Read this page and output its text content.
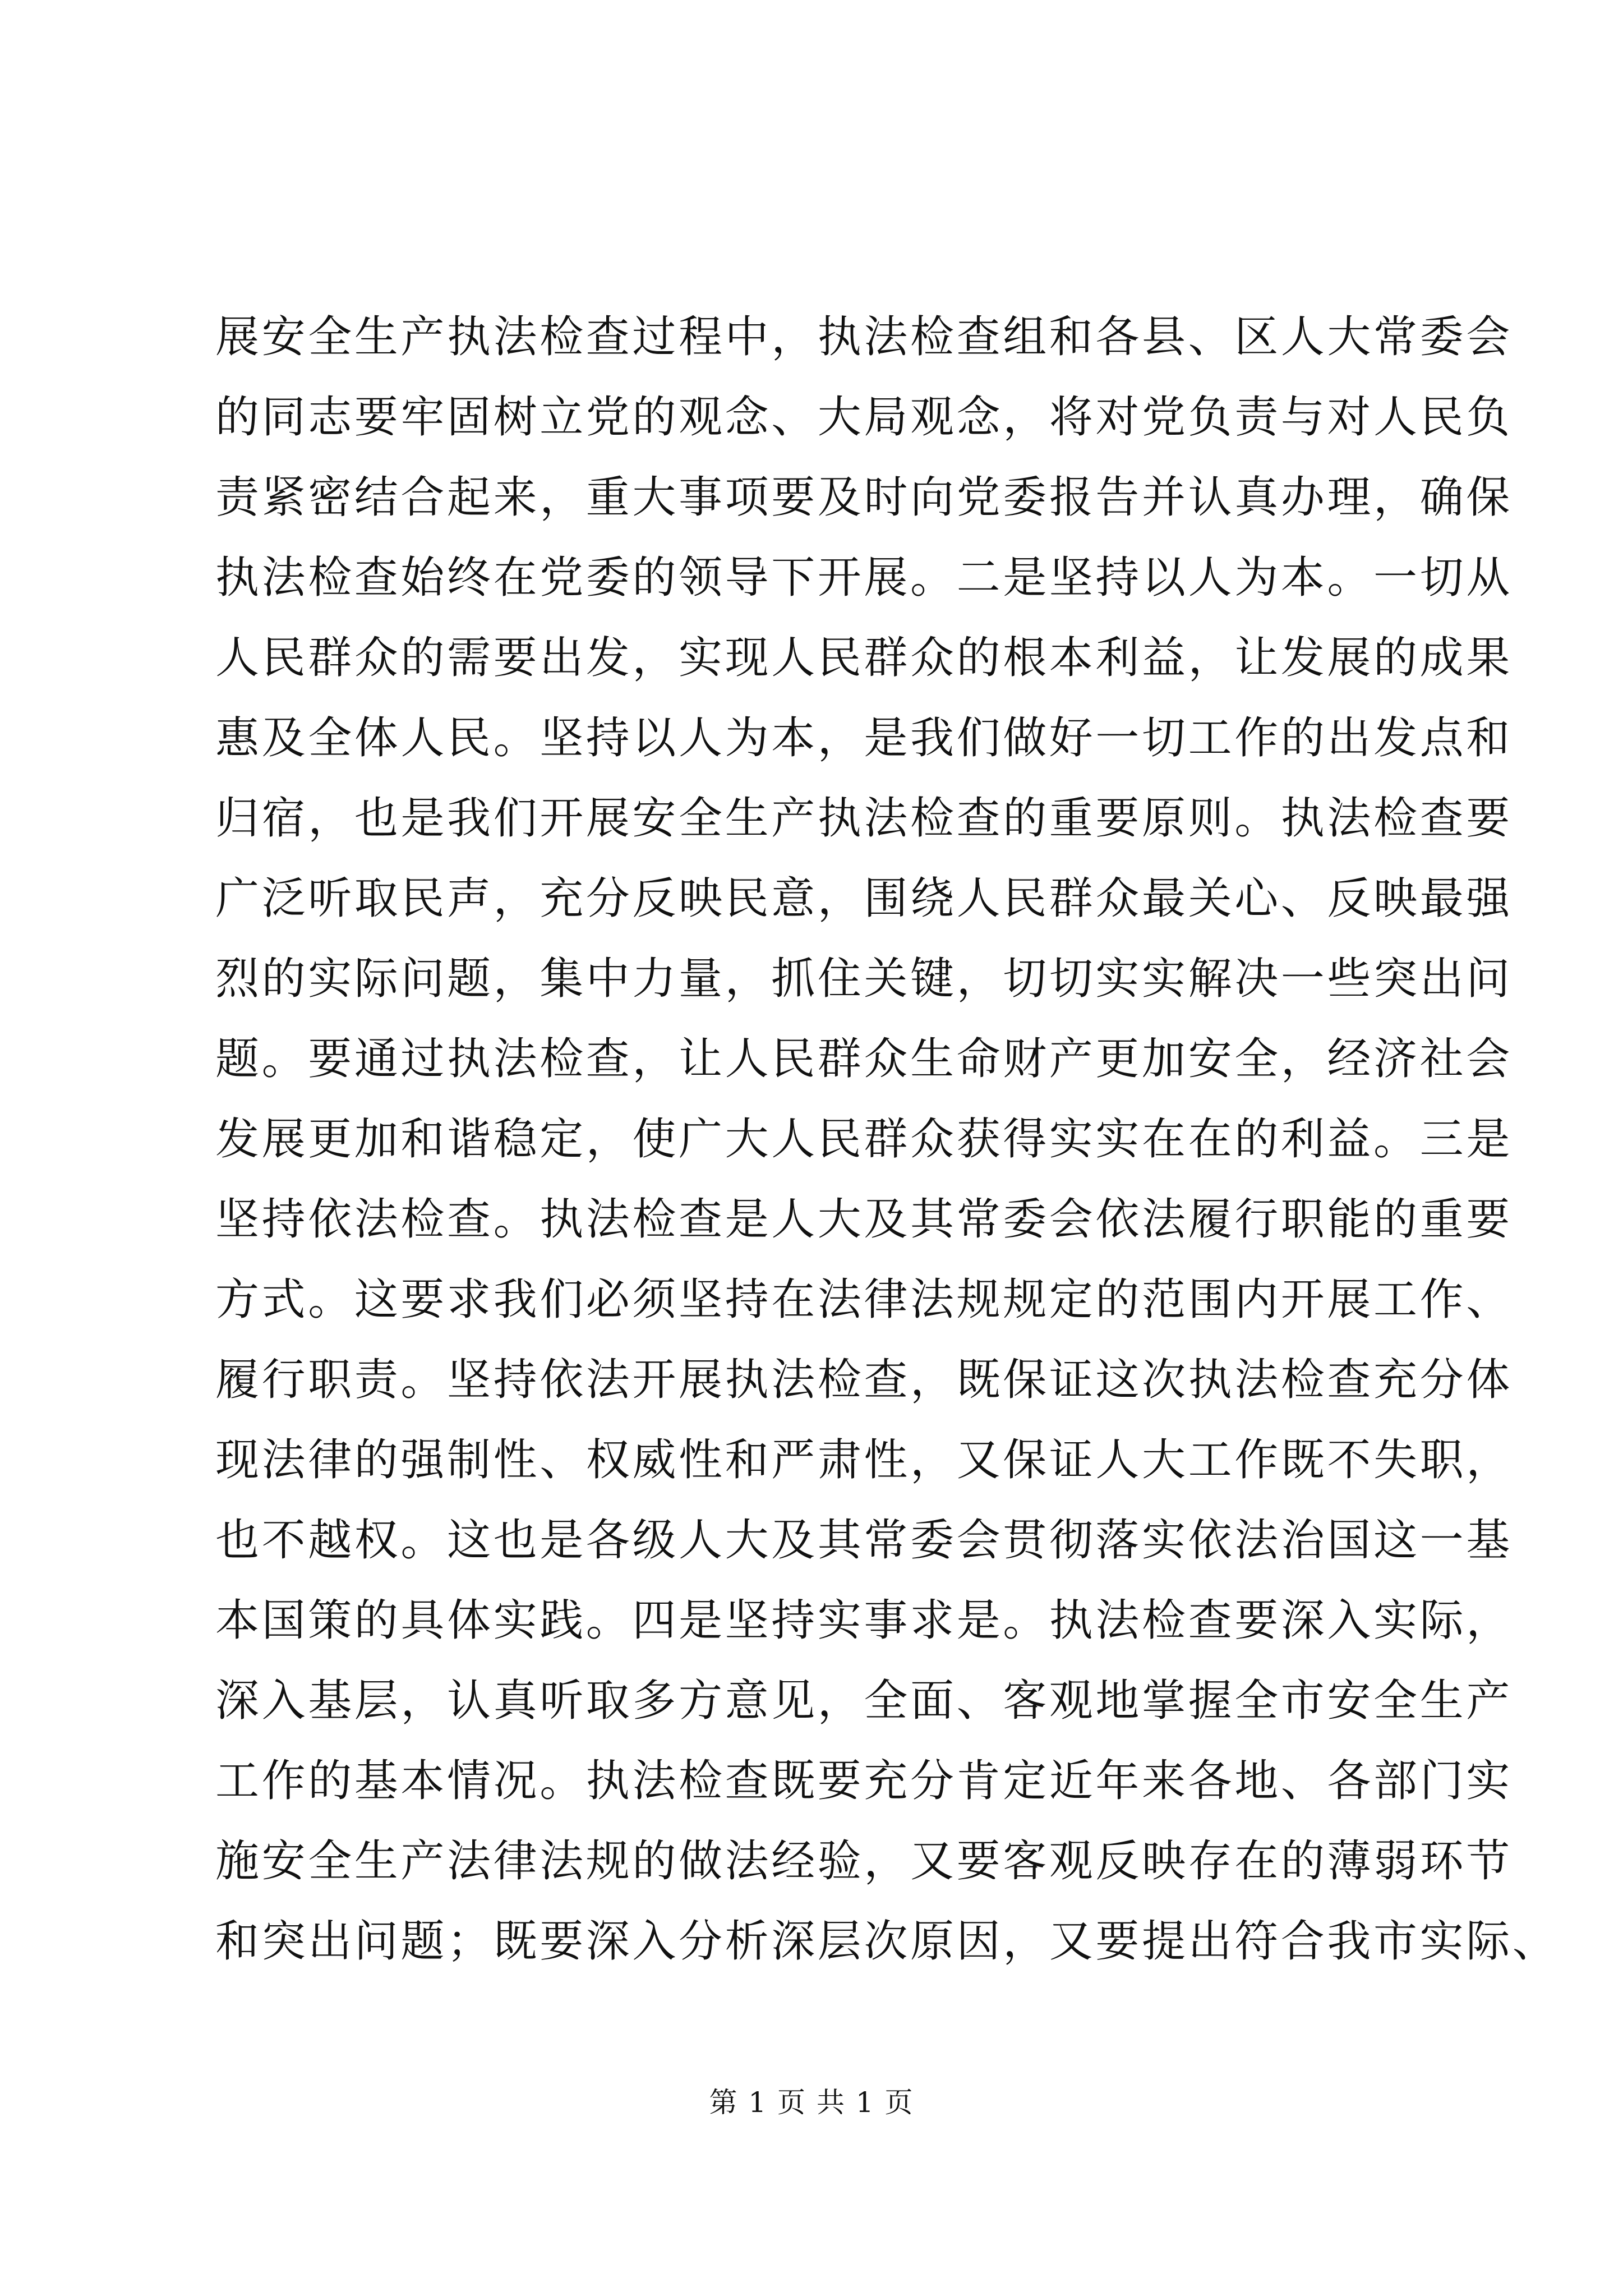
展安全生产执法检查过程中，执法检查组和各县、区人大常委会
的同志要牢固树立党的观念、大局观念，将对党负责与对人民负
责紧密结合起来，重大事项要及时向党委报告并认真办理，确保
执法检查始终在党委的领导下开展。二是坚持以人为本。一切从
人民群众的需要出发，实现人民群众的根本利益，让发展的成果
惠及全体人民。坚持以人为本，是我们做好一切工作的出发点和
归宿，也是我们开展安全生产执法检查的重要原则。执法检查要
广泛听取民声，充分反映民意，围绕人民群众最关心、反映最强
烈的实际问题，集中力量，抓住关键，切切实实解决一些突出问
题。要通过执法检查，让人民群众生命财产更加安全，经济社会
发展更加和谐稳定，使广大人民群众获得实实在在的利益。三是
坚持依法检查。执法检查是人大及其常委会依法履行职能的重要
方式。这要求我们必须坚持在法律法规规定的范围内开展工作、
履行职责。坚持依法开展执法检查，既保证这次执法检查充分体
现法律的强制性、权威性和严肃性，又保证人大工作既不失职，
也不越权。这也是各级人大及其常委会贯彻落实依法治国这一基
本国策的具体实践。四是坚持实事求是。执法检查要深入实际，
深入基层，认真听取多方意见，全面、客观地掌握全市安全生产
工作的基本情况。执法检查既要充分肯定近年来各地、各部门实
施安全生产法律法规的做法经验，又要客观反映存在的薄弱环节
和突出问题；既要深入分析深层次原因，又要提出符合我市实际、
第 1 页 共 1 页
